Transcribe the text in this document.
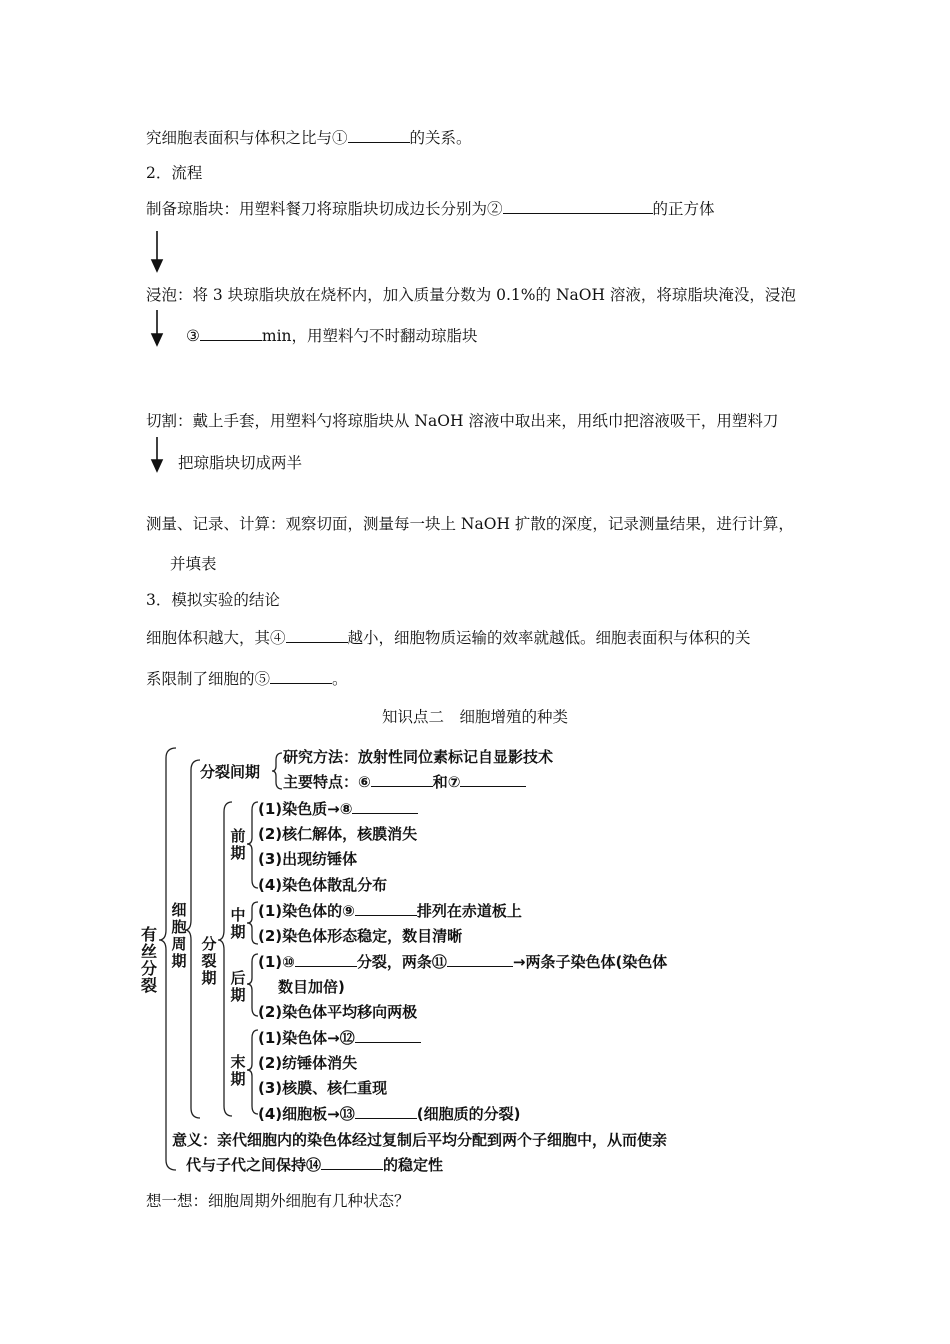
究细胞表面积与体积之比与①	的关系。
2．流程
制备琼脂块：用塑料餐刀将琼脂块切成边长分别为②	的正方体
浸泡：将 3 块琼脂块放在烧杯内，加入质量分数为 0.1%的 NaOH 溶液，将琼脂块淹没，浸泡
③	min，用塑料勺不时翻动琼脂块
切割：戴上手套，用塑料勺将琼脂块从 NaOH 溶液中取出来，用纸巾把溶液吸干，用塑料刀
把琼脂块切成两半
测量、记录、计算：观察切面，测量每一块上 NaOH 扩散的深度，记录测量结果，进行计算，
并填表
3．模拟实验的结论
细胞体积越大，其④	越小，细胞物质运输的效率就越低。细胞表面积与体积的关
系限制了细胞的⑤	。
知识点二　细胞增殖的种类
有丝分裂
细胞周期
分裂期
前期
中期
后期
末期
分裂间期
研究方法：放射性同位素标记自显影技术
主要特点：⑥	和⑦
(1)染色质→⑧
(2)核仁解体，核膜消失
(3)出现纺锤体
(4)染色体散乱分布
(1)染色体的⑨	排列在赤道板上
(2)染色体形态稳定，数目清晰
(1)⑩	分裂，两条⑪	→两条子染色体(染色体
数目加倍)
(2)染色体平均移向两极
(1)染色体→⑫
(2)纺锤体消失
(3)核膜、核仁重现
(4)细胞板→⑬	(细胞质的分裂)
意义：亲代细胞内的染色体经过复制后平均分配到两个子细胞中，从而使亲
代与子代之间保持⑭	的稳定性
想一想：细胞周期外细胞有几种状态？
